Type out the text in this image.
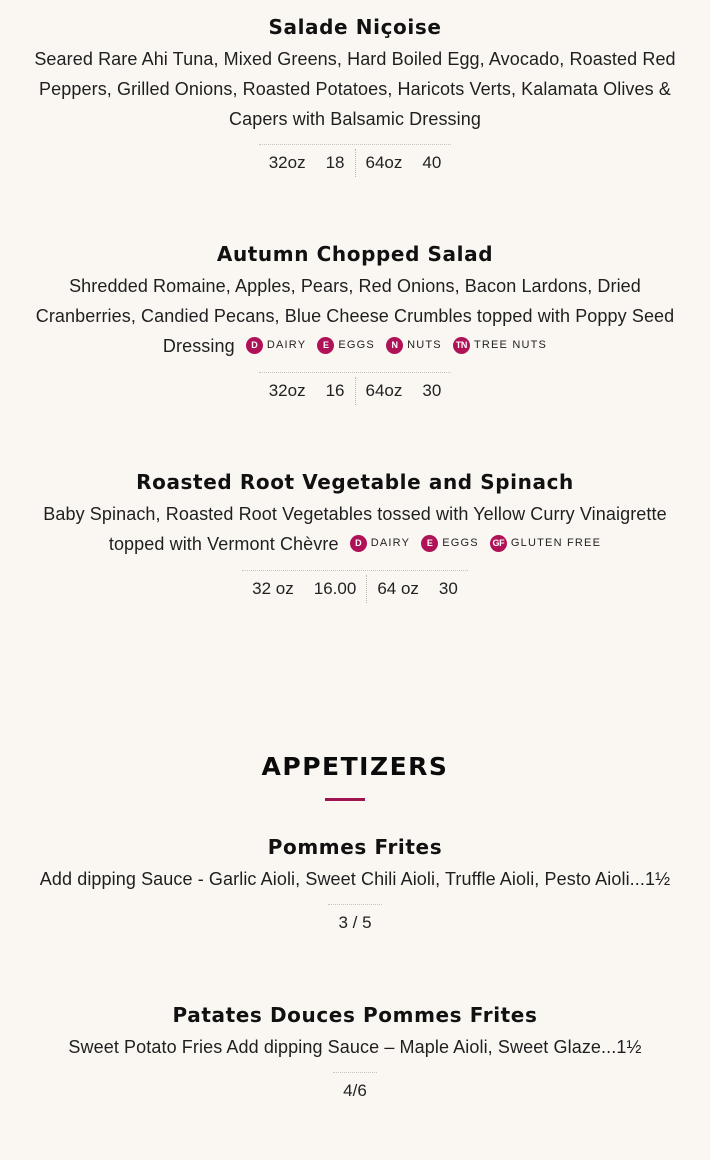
Salade Niçoise
Seared Rare Ahi Tuna, Mixed Greens, Hard Boiled Egg, Avocado, Roasted Red Peppers, Grilled Onions, Roasted Potatoes, Haricots Verts, Kalamata Olives & Capers with Balsamic Dressing
32oz 18 64oz 40
Autumn Chopped Salad
Shredded Romaine, Apples, Pears, Red Onions, Bacon Lardons, Dried Cranberries, Candied Pecans, Blue Cheese Crumbles topped with Poppy Seed Dressing	D DAIRY
	E EGGS
	N NUTS
	TN TREE NUTS
32oz 16 64oz 30
Roasted Root Vegetable and Spinach
Baby Spinach, Roasted Root Vegetables tossed with Yellow Curry Vinaigrette topped with Vermont Chèvre	D DAIRY
	E EGGS
GF GLUTEN FREE
32 oz 16.00 64 oz 30
APPETIZERS
Pommes Frites
Add dipping Sauce - Garlic Aioli, Sweet Chili Aioli, Truffle Aioli, Pesto Aioli...1½
3 / 5
Patates Douces Pommes Frites
Sweet Potato Fries Add dipping Sauce – Maple Aioli, Sweet Glaze...1½
4/6
